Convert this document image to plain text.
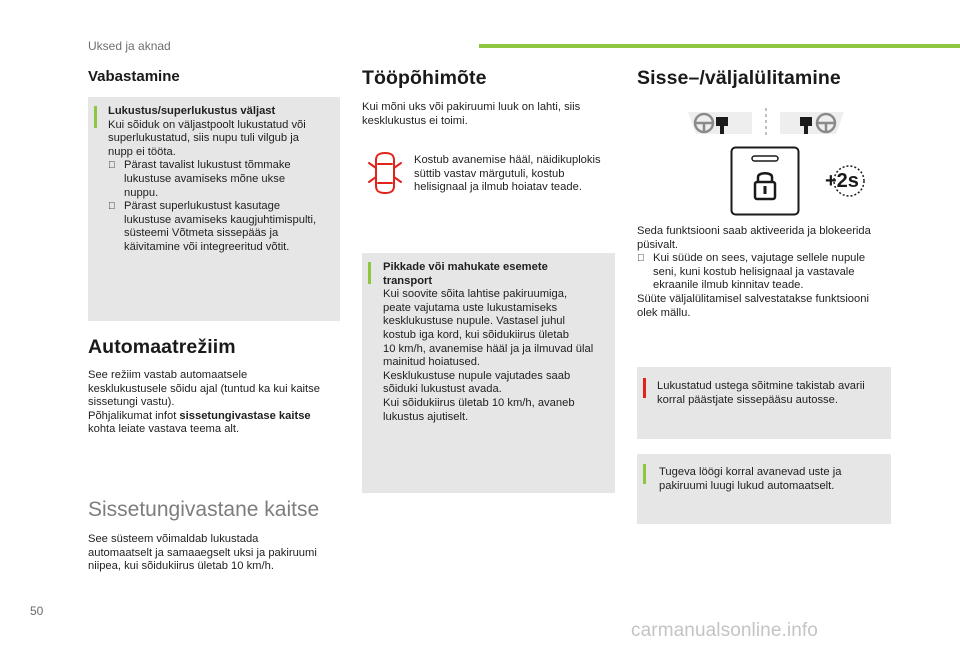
Uksed ja aknad
Vabastamine
Lukustus/superlukustus väljast
Kui sõiduk on väljastpoolt lukustatud või
superlukustatud, siis nupu tuli vilgub ja
nupp ei tööta.
Pärast tavalist lukustust tõmmake
lukustuse avamiseks mõne ukse
nuppu.
Pärast superlukustust kasutage
lukustuse avamiseks kaugjuhtimispulti,
süsteemi Võtmeta sissepääs ja
käivitamine või integreeritud võtit.
Automaatrežiim
See režiim vastab automaatsele
kesklukustusele sõidu ajal (tuntud ka kui kaitse
sissetungi vastu).
Põhjalikumat infot sissetungivastase kaitse
kohta leiate vastava teema alt.
Sissetungivastane kaitse
See süsteem võimaldab lukustada
automaatselt ja samaaegselt uksi ja pakiruumi
niipea, kui sõidukiirus ületab 10 km/h.
Tööpõhimõte
Kui mõni uks või pakiruumi luuk on lahti, siis
kesklukustus ei toimi.
Kostub avanemise hääl, näidikuplokis
süttib vastav märgutuli, kostub
helisignaal ja ilmub hoiatav teade.
Pikkade või mahukate esemete
transport
Kui soovite sõita lahtise pakiruumiga,
peate vajutama uste lukustamiseks
kesklukustuse nupule. Vastasel juhul
kostub iga kord, kui sõidukiirus ületab
10 km/h, avanemise hääl ja ja ilmuvad ülal
mainitud hoiatused.
Kesklukustuse nupule vajutades saab
sõiduki lukustust avada.
Kui sõidukiirus ületab 10 km/h, avaneb
lukustus ajutiselt.
Sisse–/väljalülitamine
+2s
Seda funktsiooni saab aktiveerida ja blokeerida
püsivalt.
Kui süüde on sees, vajutage sellele nupule
seni, kuni kostub helisignaal ja vastavale
ekraanile ilmub kinnitav teade.
Süüte väljalülitamisel salvestatakse funktsiooni
olek mällu.
Lukustatud ustega sõitmine takistab avarii
korral päästjate sissepääsu autosse.
Tugeva löögi korral avanevad uste ja
pakiruumi luugi lukud automaatselt.
50
carmanualsonline.info
